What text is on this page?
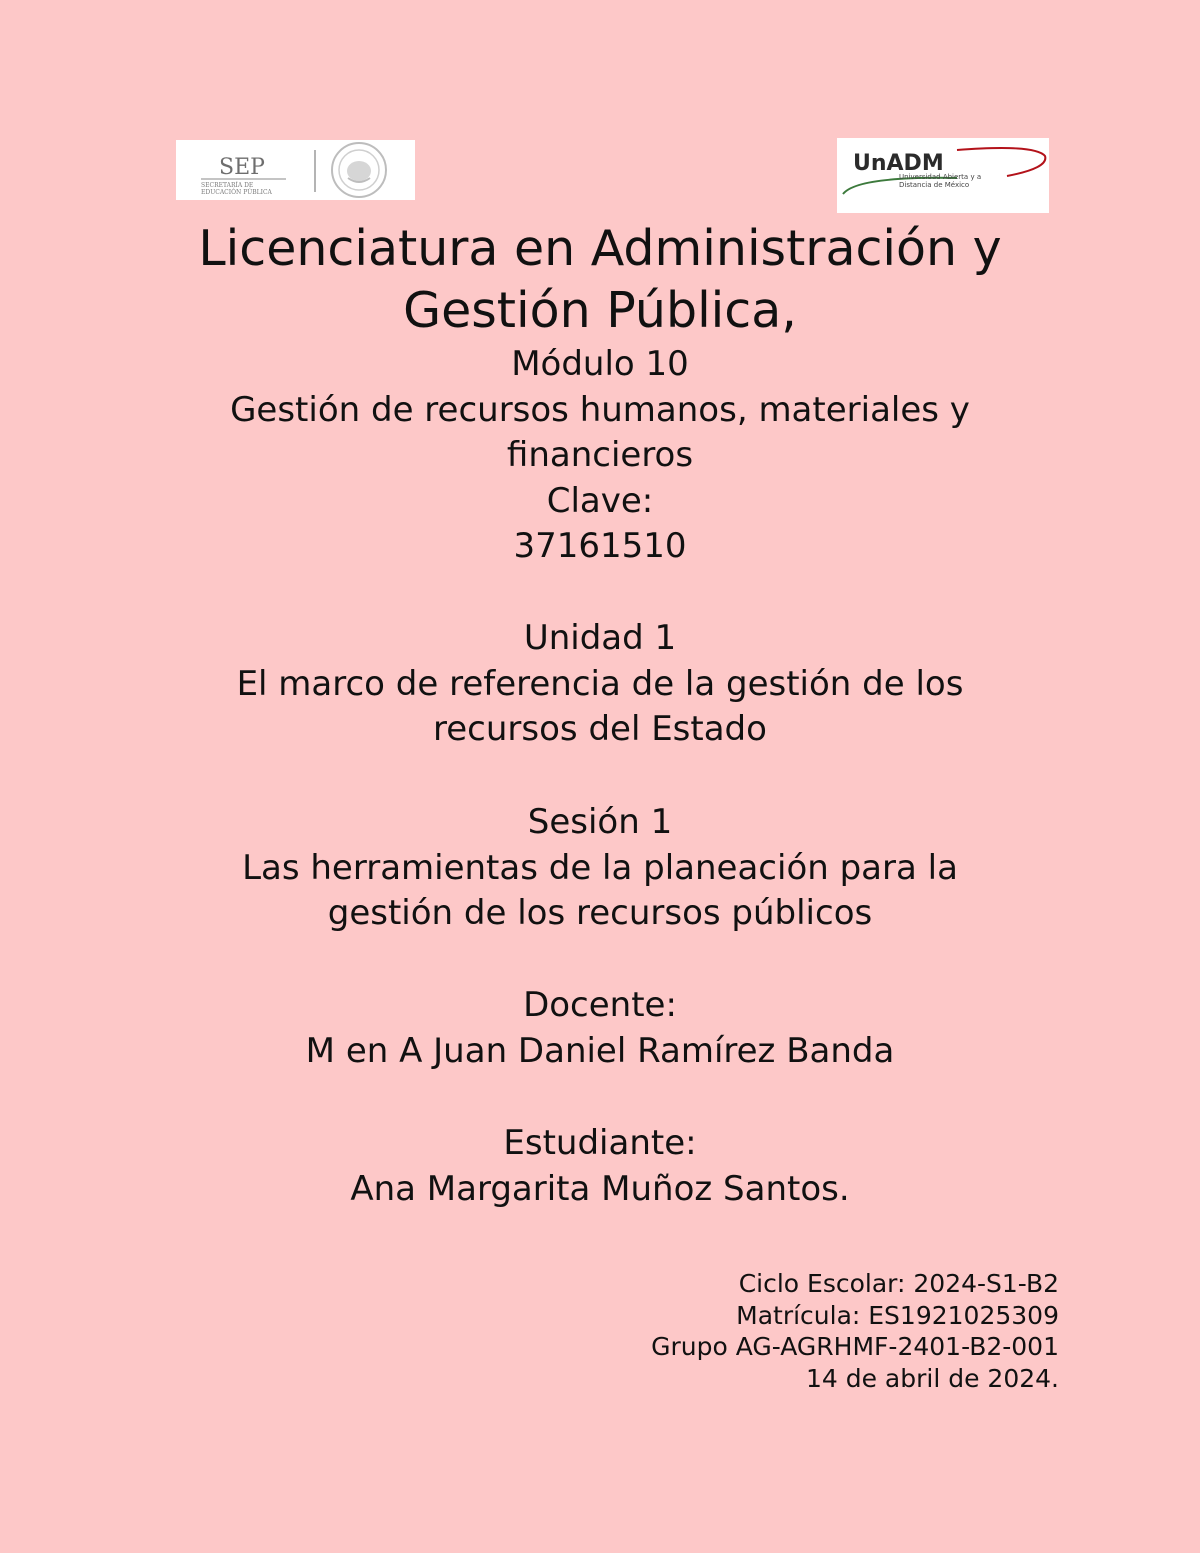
SEP
SECRETARÍA DE
EDUCACIÓN PÚBLICA
UnADM
Universidad Abierta y a
Distancia de México
Licenciatura en Administración y
Gestión Pública,
Módulo 10
Gestión de recursos humanos, materiales y
financieros
Clave:
37161510
Unidad 1
El marco de referencia de la gestión de los
recursos del Estado
Sesión 1
Las herramientas de la planeación para la
gestión de los recursos públicos
Docente:
M en A Juan Daniel Ramírez Banda
Estudiante:
Ana Margarita Muñoz Santos.
Ciclo Escolar: 2024-S1-B2
Matrícula: ES1921025309
Grupo AG-AGRHMF-2401-B2-001
14 de abril de 2024.
